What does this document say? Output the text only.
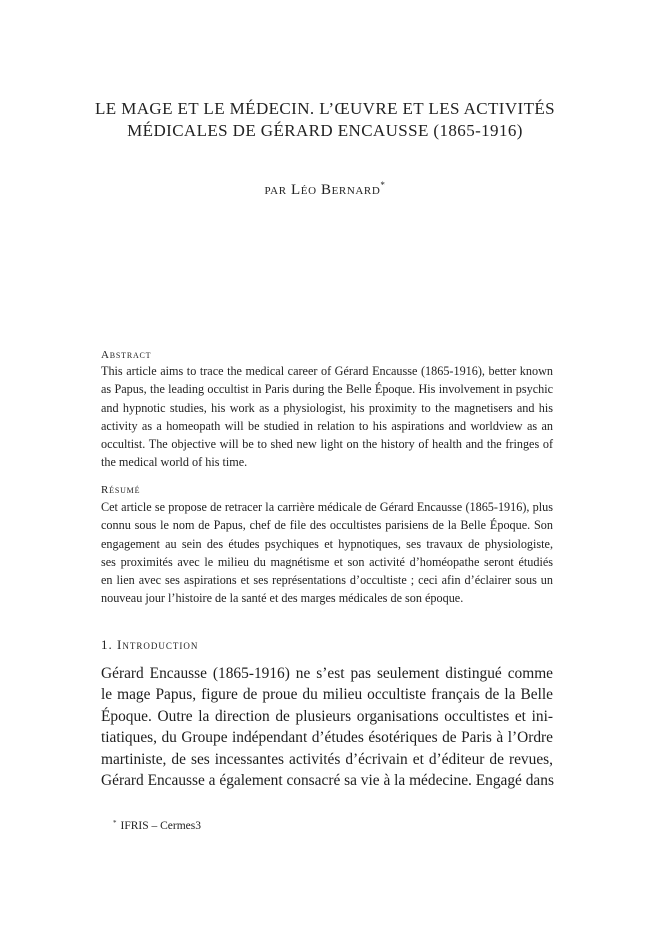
LE MAGE ET LE MÉDECIN. L’ŒUVRE ET LES ACTIVITÉS
MÉDICALES DE GÉRARD ENCAUSSE (1865-1916)
par Léo Bernard*
Abstract
This article aims to trace the medical career of Gérard Encausse (1865-1916), better known
as Papus, the leading occultist in Paris during the Belle Époque. His involvement in psychic
and hypnotic studies, his work as a physiologist, his proximity to the magnetisers and his
activity as a homeopath will be studied in relation to his aspirations and worldview as an
occultist. The objective will be to shed new light on the history of health and the fringes of
the medical world of his time.
Résumé
Cet article se propose de retracer la carrière médicale de Gérard Encausse (1865-1916), plus
connu sous le nom de Papus, chef de file des occultistes parisiens de la Belle Époque. Son
engagement au sein des études psychiques et hypnotiques, ses travaux de physiologiste,
ses proximités avec le milieu du magnétisme et son activité d’homéopathe seront étudiés
en lien avec ses aspirations et ses représentations d’occultiste ; ceci afin d’éclairer sous un
nouveau jour l’histoire de la santé et des marges médicales de son époque.
1. Introduction
Gérard Encausse (1865-1916) ne s’est pas seulement distingué comme
le mage Papus, figure de proue du milieu occultiste français de la Belle
Époque. Outre la direction de plusieurs organisations occultistes et ini-
tiatiques, du Groupe indépendant d’études ésotériques de Paris à l’Ordre
martiniste, de ses incessantes activités d’écrivain et d’éditeur de revues,
Gérard Encausse a également consacré sa vie à la médecine. Engagé dans
* IFRIS – Cermes3
